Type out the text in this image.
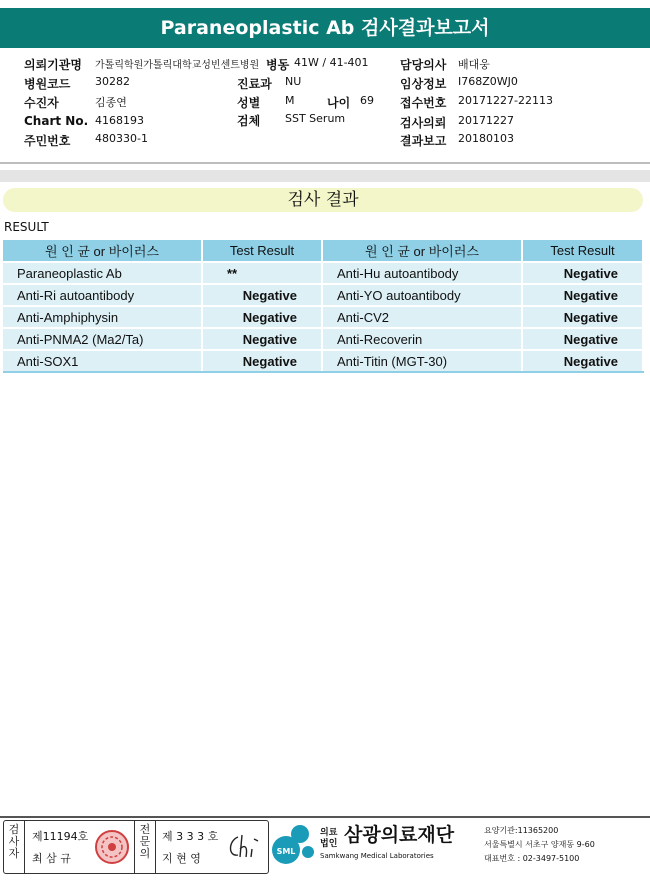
Paraneoplastic Ab 검사결과보고서
의뢰기관명 가톨릭학원가톨릭대학교성빈센트병원 병동 41W / 41-401	담당의사 배대웅
병원코드 30282	진료과 NU	임상정보 I768Z0WJ0
수진자	김종연	성별 M	나이 69 접수번호 20171227-22113
Chart No. 4168193	검체 SST Serum	검사의뢰 20171227
주민번호 480330-1	결과보고 20180103
검사 결과
RESULT
원 인 균 or 바이러스	Test Result	원 인 균 or 바이러스	Test Result
Paraneoplastic Ab	**	Anti-Hu autoantibody	Negative
Anti-Ri autoantibody	Negative	Anti-YO autoantibody	Negative
Anti-Amphiphysin	Negative	Anti-CV2	Negative
Anti-PNMA2 (Ma2/Ta)	Negative	Anti-Recoverin	Negative
Anti-SOX1	Negative	Anti-Titin (MGT-30)	Negative
검사자
제11194호
최 삼 규
전문의
제 3 3 3 호
지 현 영
SML
의료
법인 삼광의료재단
Samkwang Medical Laboratories
요양기관:11365200
서울특별시 서초구 양재동 9-60
대표번호 : 02-3497-5100
